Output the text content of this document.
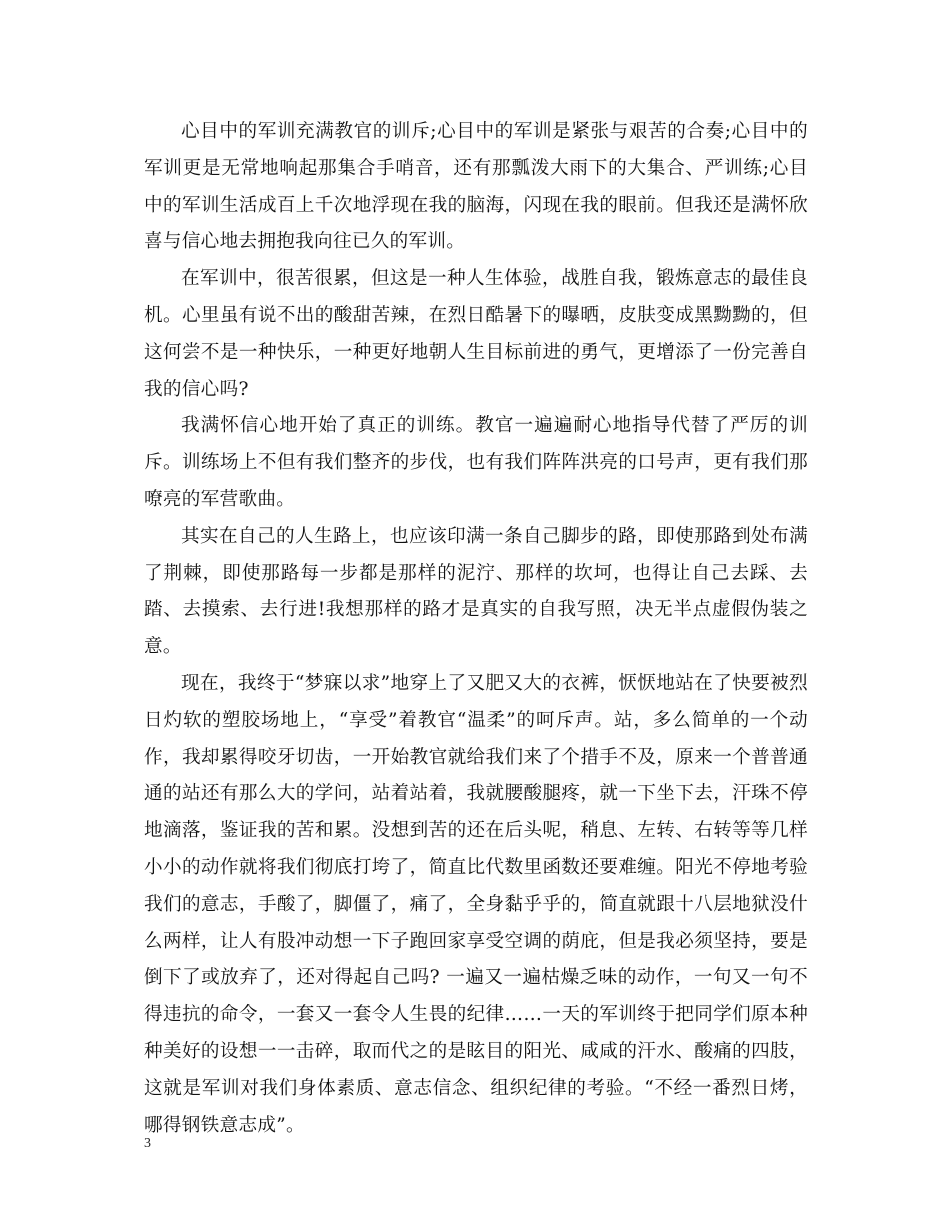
心目中的军训充满教官的训斥;心目中的军训是紧张与艰苦的合奏;心目中的军训更是无常地响起那集合手哨音，还有那瓢泼大雨下的大集合、严训练;心目中的军训生活成百上千次地浮现在我的脑海，闪现在我的眼前。但我还是满怀欣喜与信心地去拥抱我向往已久的军训。

在军训中，很苦很累，但这是一种人生体验，战胜自我，锻炼意志的最佳良机。心里虽有说不出的酸甜苦辣，在烈日酷暑下的曝晒，皮肤变成黑黝黝的，但这何尝不是一种快乐，一种更好地朝人生目标前进的勇气，更增添了一份完善自我的信心吗?

我满怀信心地开始了真正的训练。教官一遍遍耐心地指导代替了严厉的训斥。训练场上不但有我们整齐的步伐，也有我们阵阵洪亮的口号声，更有我们那嘹亮的军营歌曲。

其实在自己的人生路上，也应该印满一条自己脚步的路，即使那路到处布满了荆棘，即使那路每一步都是那样的泥泞、那样的坎坷，也得让自己去踩、去踏、去摸索、去行进!我想那样的路才是真实的自我写照，决无半点虚假伪装之意。

现在，我终于“梦寐以求”地穿上了又肥又大的衣裤，恹恹地站在了快要被烈日灼软的塑胶场地上，“享受”着教官“温柔”的呵斥声。站，多么简单的一个动作，我却累得咬牙切齿，一开始教官就给我们来了个措手不及，原来一个普普通通的站还有那么大的学问，站着站着，我就腰酸腿疼，就一下坐下去，汗珠不停地滴落，鉴证我的苦和累。没想到苦的还在后头呢，稍息、左转、右转等等几样小小的动作就将我们彻底打垮了，简直比代数里函数还要难缠。阳光不停地考验我们的意志，手酸了，脚僵了，痛了，全身黏乎乎的，简直就跟十八层地狱没什么两样，让人有股冲动想一下子跑回家享受空调的荫庇，但是我必须坚持，要是倒下了或放弃了，还对得起自己吗? 一遍又一遍枯燥乏味的动作，一句又一句不得违抗的命令，一套又一套令人生畏的纪律……一天的军训终于把同学们原本种种美好的设想一一击碎，取而代之的是眩目的阳光、咸咸的汗水、酸痛的四肢，这就是军训对我们身体素质、意志信念、组织纪律的考验。“不经一番烈日烤，哪得钢铁意志成”。

3
